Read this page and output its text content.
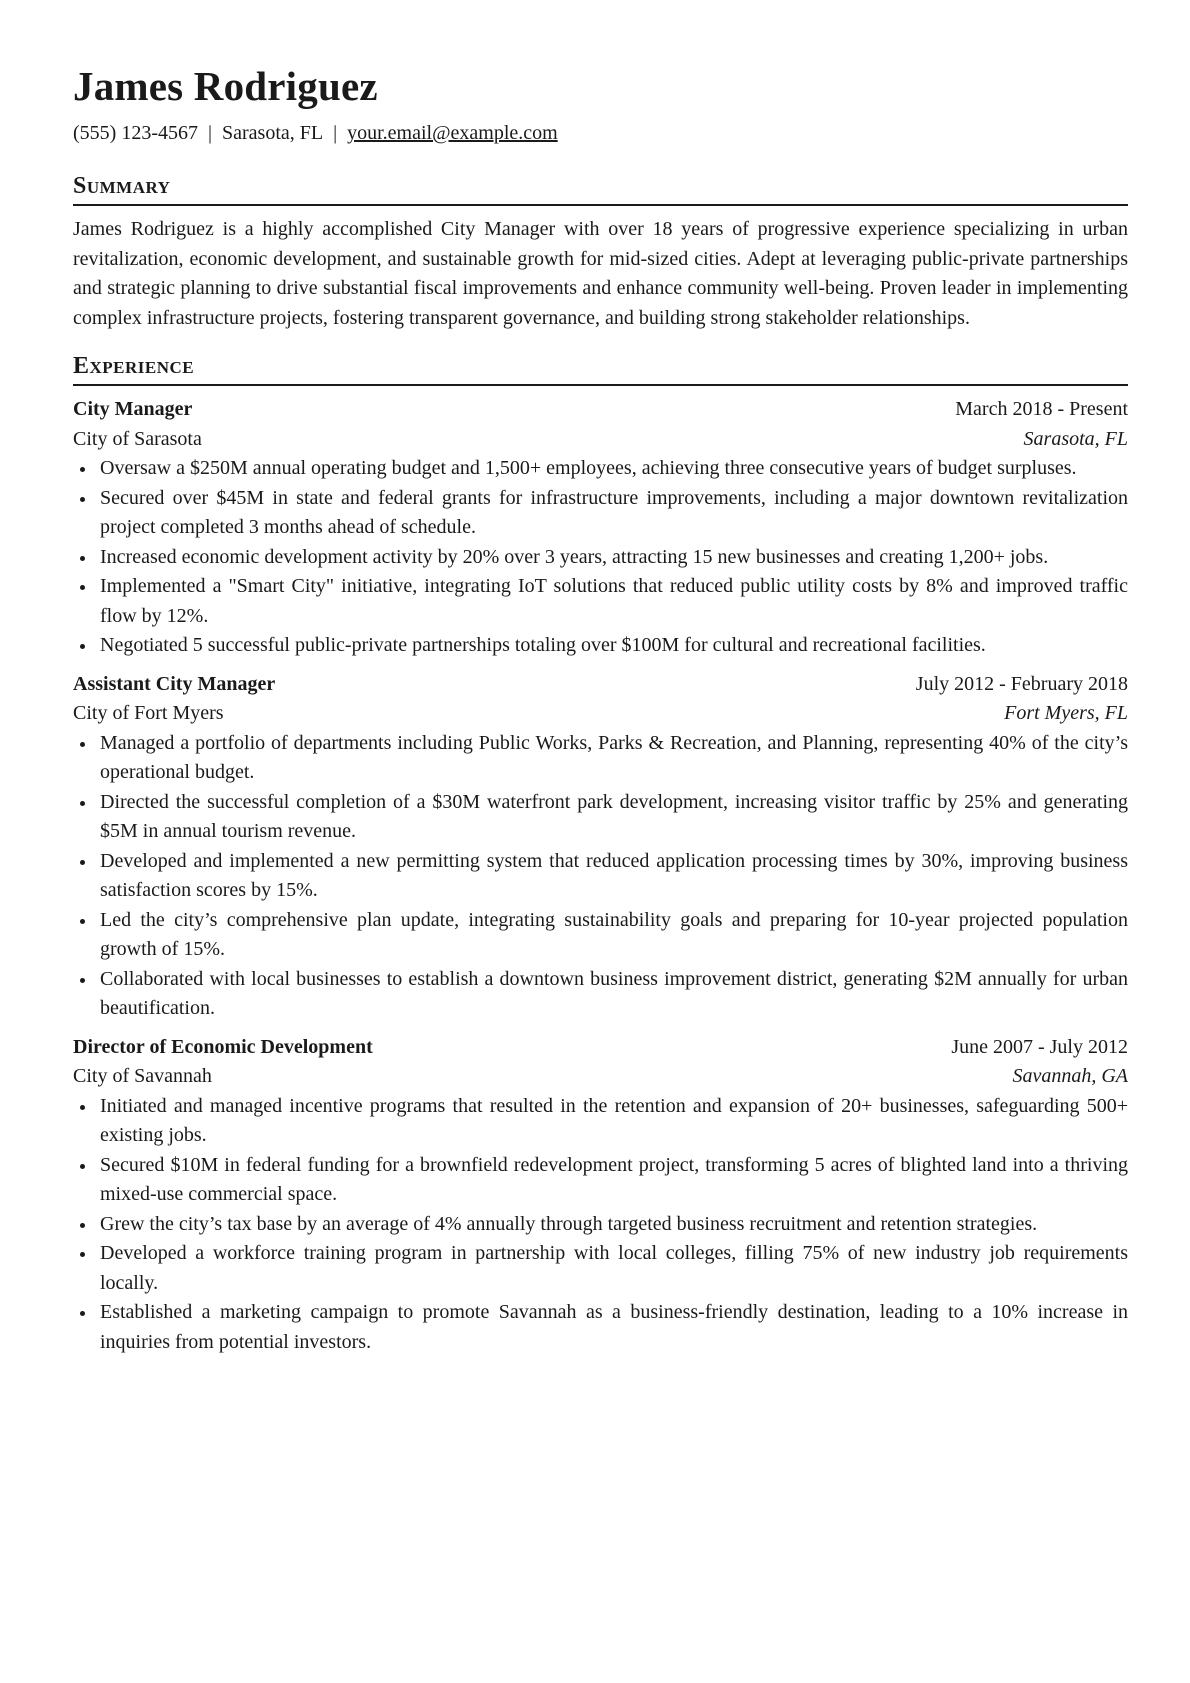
James Rodriguez
(555) 123-4567 | Sarasota, FL | your.email@example.com
Summary

James Rodriguez is a highly accomplished City Manager with over 18 years of progressive experience specializing in urban revitalization, economic development, and sustainable growth for mid-sized cities. Adept at leveraging public-private partnerships and strategic planning to drive substantial fiscal improvements and enhance community well-being. Proven leader in implementing complex infrastructure projects, fostering transparent governance, and building strong stakeholder relationships.

Experience
City Manager	March 2018 - Present
City of Sarasota	Sarasota, FL
Oversaw a $250M annual operating budget and 1,500+ employees, achieving three consecutive years of budget surpluses.
Secured over $45M in state and federal grants for infrastructure improvements, including a major downtown revitalization project completed 3 months ahead of schedule.
Increased economic development activity by 20% over 3 years, attracting 15 new businesses and creating 1,200+ jobs.
Implemented a "Smart City" initiative, integrating IoT solutions that reduced public utility costs by 8% and improved traffic flow by 12%.
Negotiated 5 successful public-private partnerships totaling over $100M for cultural and recreational facilities.
Assistant City Manager	July 2012 - February 2018
City of Fort Myers	Fort Myers, FL
Managed a portfolio of departments including Public Works, Parks & Recreation, and Planning, representing 40% of the city’s operational budget.
Directed the successful completion of a $30M waterfront park development, increasing visitor traffic by 25% and generating $5M in annual tourism revenue.
Developed and implemented a new permitting system that reduced application processing times by 30%, improving business satisfaction scores by 15%.
Led the city’s comprehensive plan update, integrating sustainability goals and preparing for 10-year projected population growth of 15%.
Collaborated with local businesses to establish a downtown business improvement district, generating $2M annually for urban beautification.
Director of Economic Development	June 2007 - July 2012
City of Savannah	Savannah, GA
Initiated and managed incentive programs that resulted in the retention and expansion of 20+ businesses, safeguarding 500+ existing jobs.
Secured $10M in federal funding for a brownfield redevelopment project, transforming 5 acres of blighted land into a thriving mixed-use commercial space.
Grew the city’s tax base by an average of 4% annually through targeted business recruitment and retention strategies.
Developed a workforce training program in partnership with local colleges, filling 75% of new industry job requirements locally.
Established a marketing campaign to promote Savannah as a business-friendly destination, leading to a 10% increase in inquiries from potential investors.
